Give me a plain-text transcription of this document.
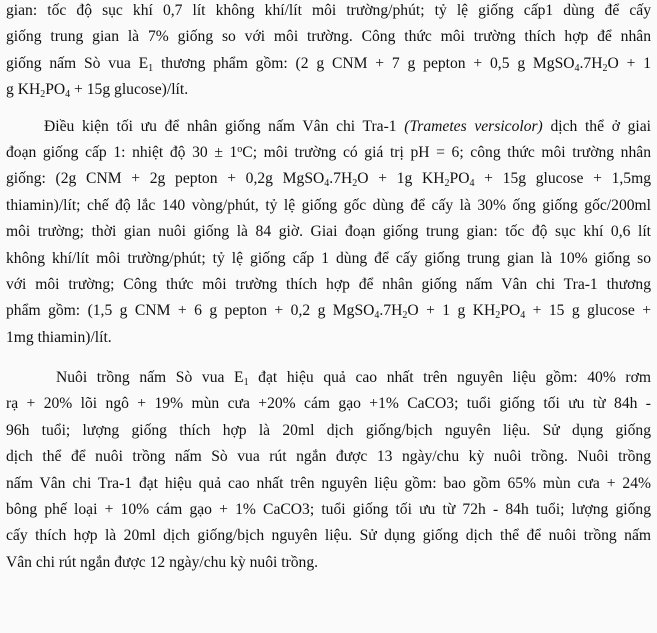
gian: tốc độ sục khí 0,7 lít không khí/lít môi trường/phút; tỷ lệ giống cấp1 dùng để cấy
giống trung gian là 7% giống so với môi trường. Công thức môi trường thích hợp để nhân
giống nấm Sò vua $E_1$ thương phẩm gồm: (2 g CNM + 7 g pepton + 0,5 g $MgSO_4.7H_2O + 1$
g $KH_2PO_4 + 15g$ glucose)/lít.
Điều kiện tối ưu để nhân giống nấm Vân chi Tra-1 (Trametes versicolor) dịch thể ở giai
đoạn giống cấp 1: nhiệt độ $30 \pm 1^oC$; môi trường có giá trị pH = 6; công thức môi trường nhân
giống: (2g CNM + 2g pepton + 0,2g $MgSO_4.7H_2O + 1g$ $KH_2PO_4 + 15g$ glucose + 1,5mg
thiamin)/lít; chế độ lắc 140 vòng/phút, tỷ lệ giống gốc dùng để cấy là 30% ống giống gốc/200ml
môi trường; thời gian nuôi giống là 84 giờ. Giai đoạn giống trung gian: tốc độ sục khí 0,6 lít
không khí/lít môi trường/phút; tỷ lệ giống cấp 1 dùng để cấy giống trung gian là 10% giống so
với môi trường; Công thức môi trường thích hợp để nhân giống nấm Vân chi Tra-1 thương
phẩm gồm: (1,5 g CNM + 6 g pepton + 0,2 g $MgSO_4.7H_2O + 1$ g $KH_2PO_4 + 15$ g glucose +
1mg thiamin)/lít.
Nuôi trồng nấm Sò vua $E_1$ đạt hiệu quả cao nhất trên nguyên liệu gồm: 40% rơm
rạ + 20% lõi ngô + 19% mùn cưa +20% cám gạo +1% CaCO3; tuổi giống tối ưu từ 84h -
96h tuổi; lượng giống thích hợp là 20ml dịch giống/bịch nguyên liệu. Sử dụng giống
dịch thể để nuôi trồng nấm Sò vua rút ngắn được 13 ngày/chu kỳ nuôi trồng. Nuôi trồng
nấm Vân chi Tra-1 đạt hiệu quả cao nhất trên nguyên liệu gồm: bao gồm 65% mùn cưa + 24%
bông phế loại + 10% cám gạo + 1% CaCO3; tuổi giống tối ưu từ 72h - 84h tuổi; lượng giống
cấy thích hợp là 20ml dịch giống/bịch nguyên liệu. Sử dụng giống dịch thể để nuôi trồng nấm
Vân chi rút ngắn được 12 ngày/chu kỳ nuôi trồng.
